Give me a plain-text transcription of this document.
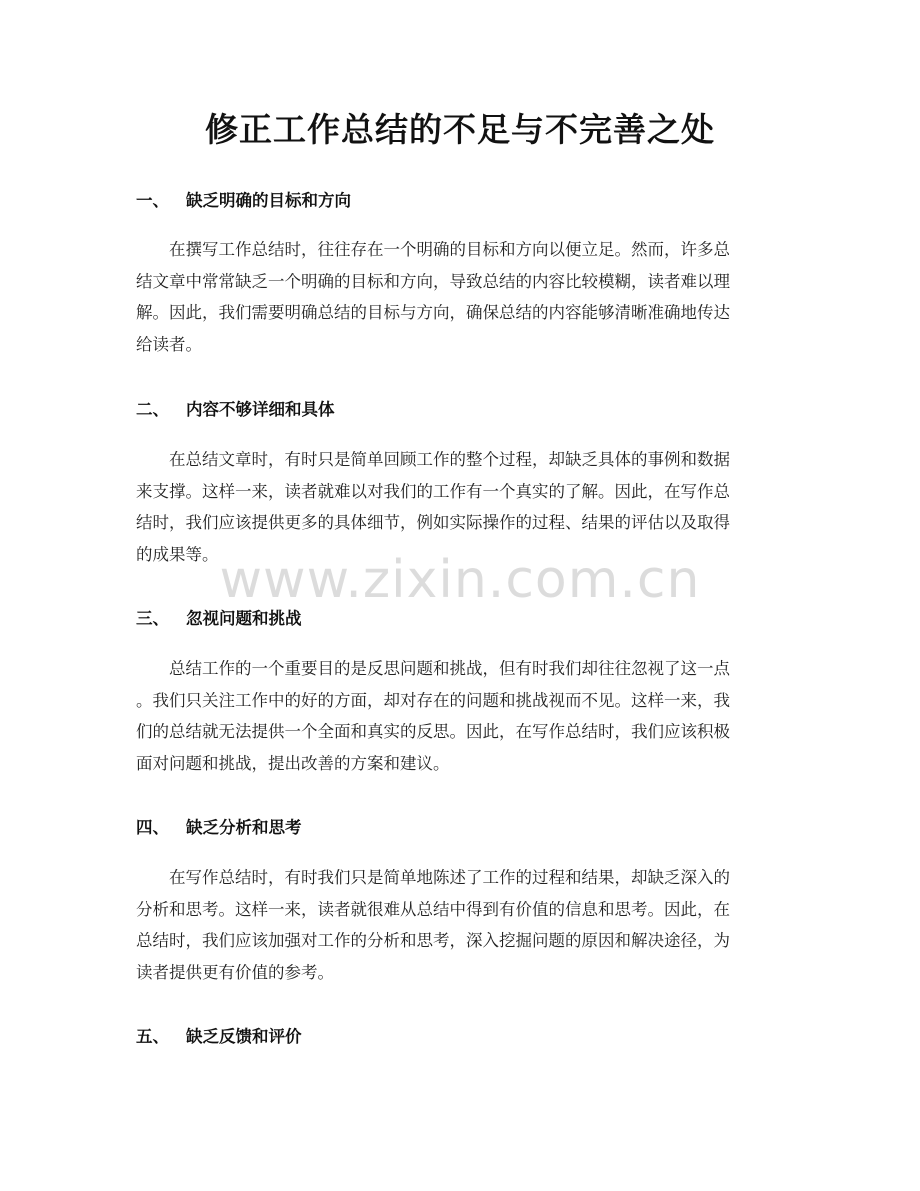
修正工作总结的不足与不完善之处
一、 缺乏明确的目标和方向
在撰写工作总结时，往往存在一个明确的目标和方向以便立足。然而，许多总
结文章中常常缺乏一个明确的目标和方向，导致总结的内容比较模糊，读者难以理
解。因此，我们需要明确总结的目标与方向，确保总结的内容能够清晰准确地传达
给读者。
二、 内容不够详细和具体
在总结文章时，有时只是简单回顾工作的整个过程，却缺乏具体的事例和数据
来支撑。这样一来，读者就难以对我们的工作有一个真实的了解。因此，在写作总
结时，我们应该提供更多的具体细节，例如实际操作的过程、结果的评估以及取得
的成果等。
三、 忽视问题和挑战
总结工作的一个重要目的是反思问题和挑战，但有时我们却往往忽视了这一点
。我们只关注工作中的好的方面，却对存在的问题和挑战视而不见。这样一来，我
们的总结就无法提供一个全面和真实的反思。因此，在写作总结时，我们应该积极
面对问题和挑战，提出改善的方案和建议。
四、 缺乏分析和思考
在写作总结时，有时我们只是简单地陈述了工作的过程和结果，却缺乏深入的
分析和思考。这样一来，读者就很难从总结中得到有价值的信息和思考。因此，在
总结时，我们应该加强对工作的分析和思考，深入挖掘问题的原因和解决途径，为
读者提供更有价值的参考。
五、 缺乏反馈和评价
www.zixin.com.cn
